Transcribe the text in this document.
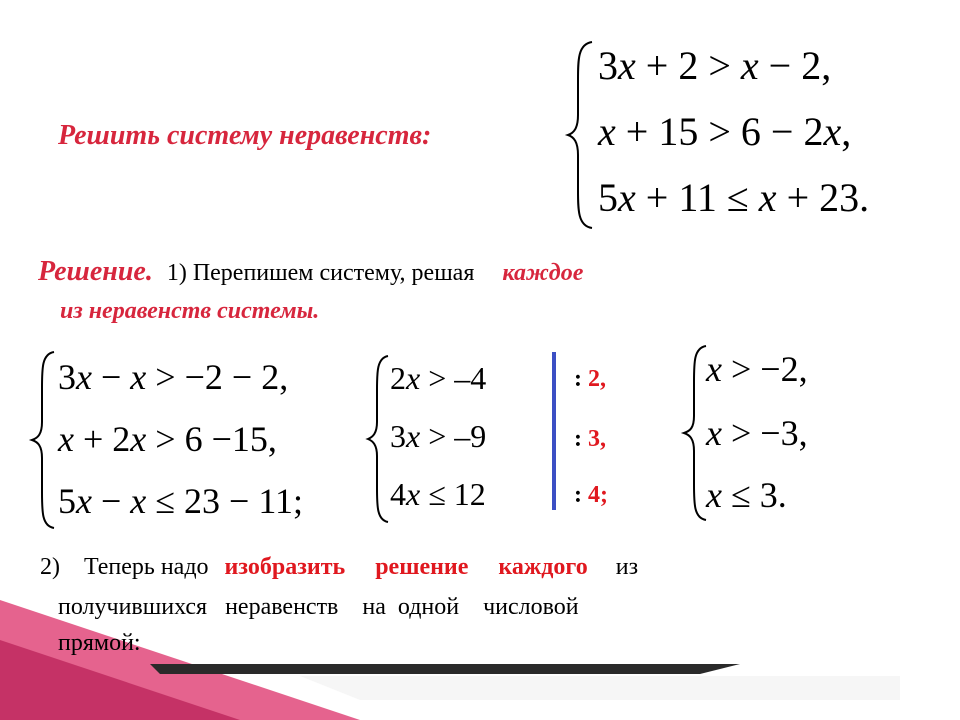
Решить систему неравенств:
3x + 2 > x − 2,
x + 15 > 6 − 2x,
5x + 11 ≤ x + 23.
Решение. 1) Перепишем систему, решая каждое
из неравенств системы.
3x − x > −2 − 2,
x + 2x > 6 −15,
5x − x ≤ 23 − 11;
2x > –4
3x > –9
4x ≤ 12
: 2,
: 3,
: 4;
x > −2,
x > −3,
x ≤ 3.
2) Теперь надо изобразить решение каждого из
получившихся   неравенств    на  одной    числовой
прямой:
